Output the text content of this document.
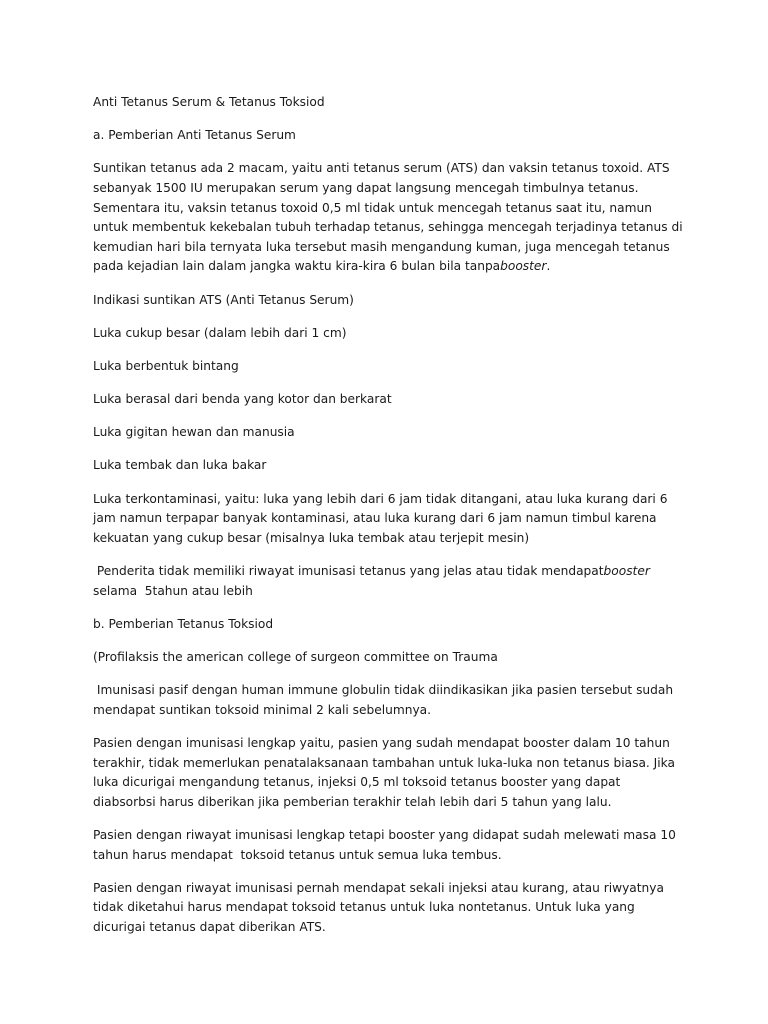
Anti Tetanus Serum & Tetanus Toksiod

a. Pemberian Anti Tetanus Serum

Suntikan tetanus ada 2 macam, yaitu anti tetanus serum (ATS) dan vaksin tetanus toxoid. ATS sebanyak 1500 IU merupakan serum yang dapat langsung mencegah timbulnya tetanus. Sementara itu, vaksin tetanus toxoid 0,5 ml tidak untuk mencegah tetanus saat itu, namun untuk membentuk kekebalan tubuh terhadap tetanus, sehingga mencegah terjadinya tetanus di kemudian hari bila ternyata luka tersebut masih mengandung kuman, juga mencegah tetanus pada kejadian lain dalam jangka waktu kira-kira 6 bulan bila tanpabooster.

Indikasi suntikan ATS (Anti Tetanus Serum)

Luka cukup besar (dalam lebih dari 1 cm)

Luka berbentuk bintang

Luka berasal dari benda yang kotor dan berkarat

Luka gigitan hewan dan manusia

Luka tembak dan luka bakar

Luka terkontaminasi, yaitu: luka yang lebih dari 6 jam tidak ditangani, atau luka kurang dari 6 jam namun terpapar banyak kontaminasi, atau luka kurang dari 6 jam namun timbul karena kekuatan yang cukup besar (misalnya luka tembak atau terjepit mesin)

Penderita tidak memiliki riwayat imunisasi tetanus yang jelas atau tidak mendapatbooster selama  5tahun atau lebih

b. Pemberian Tetanus Toksiod

(Profilaksis the american college of surgeon committee on Trauma

Imunisasi pasif dengan human immune globulin tidak diindikasikan jika pasien tersebut sudah mendapat suntikan toksoid minimal 2 kali sebelumnya.

Pasien dengan imunisasi lengkap yaitu, pasien yang sudah mendapat booster dalam 10 tahun terakhir, tidak memerlukan penatalaksanaan tambahan untuk luka-luka non tetanus biasa. Jika luka dicurigai mengandung tetanus, injeksi 0,5 ml toksoid tetanus booster yang dapat diabsorbsi harus diberikan jika pemberian terakhir telah lebih dari 5 tahun yang lalu.

Pasien dengan riwayat imunisasi lengkap tetapi booster yang didapat sudah melewati masa 10 tahun harus mendapat  toksoid tetanus untuk semua luka tembus.

Pasien dengan riwayat imunisasi pernah mendapat sekali injeksi atau kurang, atau riwyatnya tidak diketahui harus mendapat toksoid tetanus untuk luka nontetanus. Untuk luka yang dicurigai tetanus dapat diberikan ATS.
